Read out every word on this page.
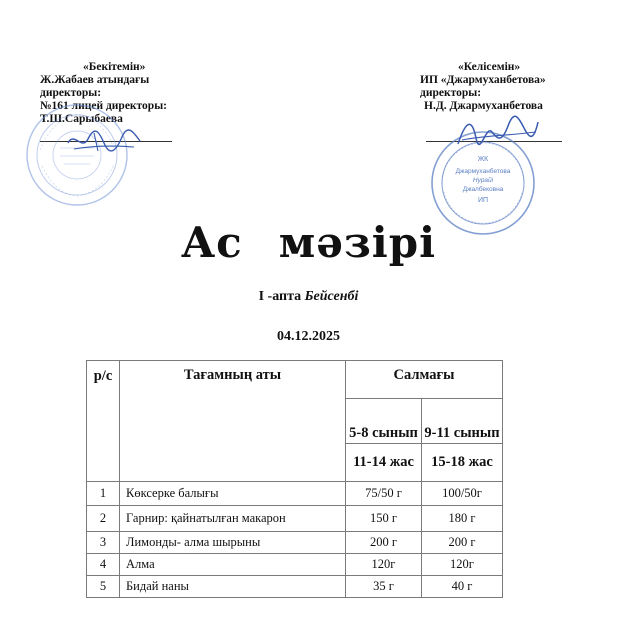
«Бекітемін»
Ж.Жабаев атындағы
директоры:
№161 лицей директоры:
Т.Ш.Сарыбаева
«Келісемін»
ИП «Джармуханбетова»
директоры:
Н.Д. Джармуханбетова
ЖК
Джармуханбетова
Нурайі
Джалбековна
ИП
Ас мәзірі
I -апта Бейсенбі
04.12.2025
р/с	Тағамның аты	Салмағы	
		5-8 сынып	9-11 сынып
		11-14 жас	15-18 жас
1	Көксерке балығы	75/50 г	100/50г
2	Гарнир: қайнатылған макарон	150 г	180 г
3	Лимонды- алма шырыны	200 г	200 г
4	Алма	120г	120г
5	Бидай наны	35 г	40 г
